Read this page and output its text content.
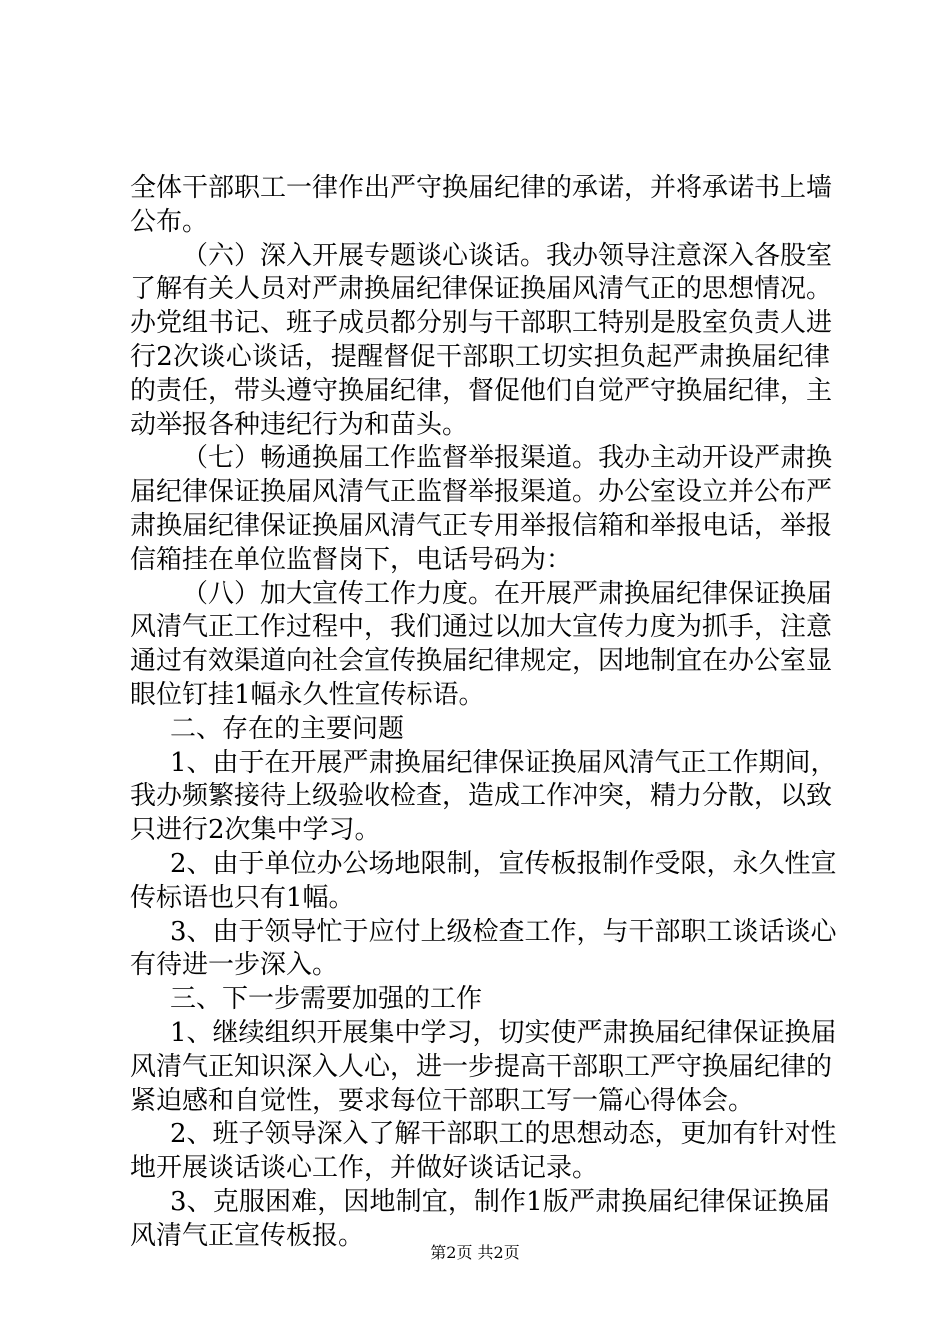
全体干部职工一律作出严守换届纪律的承诺，并将承诺书上墙
公布。
（六）深入开展专题谈心谈话。我办领导注意深入各股室
了解有关人员对严肃换届纪律保证换届风清气正的思想情况。
办党组书记、班子成员都分别与干部职工特别是股室负责人进
行2次谈心谈话，提醒督促干部职工切实担负起严肃换届纪律
的责任，带头遵守换届纪律，督促他们自觉严守换届纪律，主
动举报各种违纪行为和苗头。
（七）畅通换届工作监督举报渠道。我办主动开设严肃换
届纪律保证换届风清气正监督举报渠道。办公室设立并公布严
肃换届纪律保证换届风清气正专用举报信箱和举报电话，举报
信箱挂在单位监督岗下，电话号码为：
（八）加大宣传工作力度。在开展严肃换届纪律保证换届
风清气正工作过程中，我们通过以加大宣传力度为抓手，注意
通过有效渠道向社会宣传换届纪律规定，因地制宜在办公室显
眼位钉挂1幅永久性宣传标语。
二、存在的主要问题
1、由于在开展严肃换届纪律保证换届风清气正工作期间，
我办频繁接待上级验收检查，造成工作冲突，精力分散，以致
只进行2次集中学习。
2、由于单位办公场地限制，宣传板报制作受限，永久性宣
传标语也只有1幅。
3、由于领导忙于应付上级检查工作，与干部职工谈话谈心
有待进一步深入。
三、下一步需要加强的工作
1、继续组织开展集中学习，切实使严肃换届纪律保证换届
风清气正知识深入人心，进一步提高干部职工严守换届纪律的
紧迫感和自觉性，要求每位干部职工写一篇心得体会。
2、班子领导深入了解干部职工的思想动态，更加有针对性
地开展谈话谈心工作，并做好谈话记录。
3、克服困难，因地制宜，制作1版严肃换届纪律保证换届
风清气正宣传板报。
第2页 共2页
